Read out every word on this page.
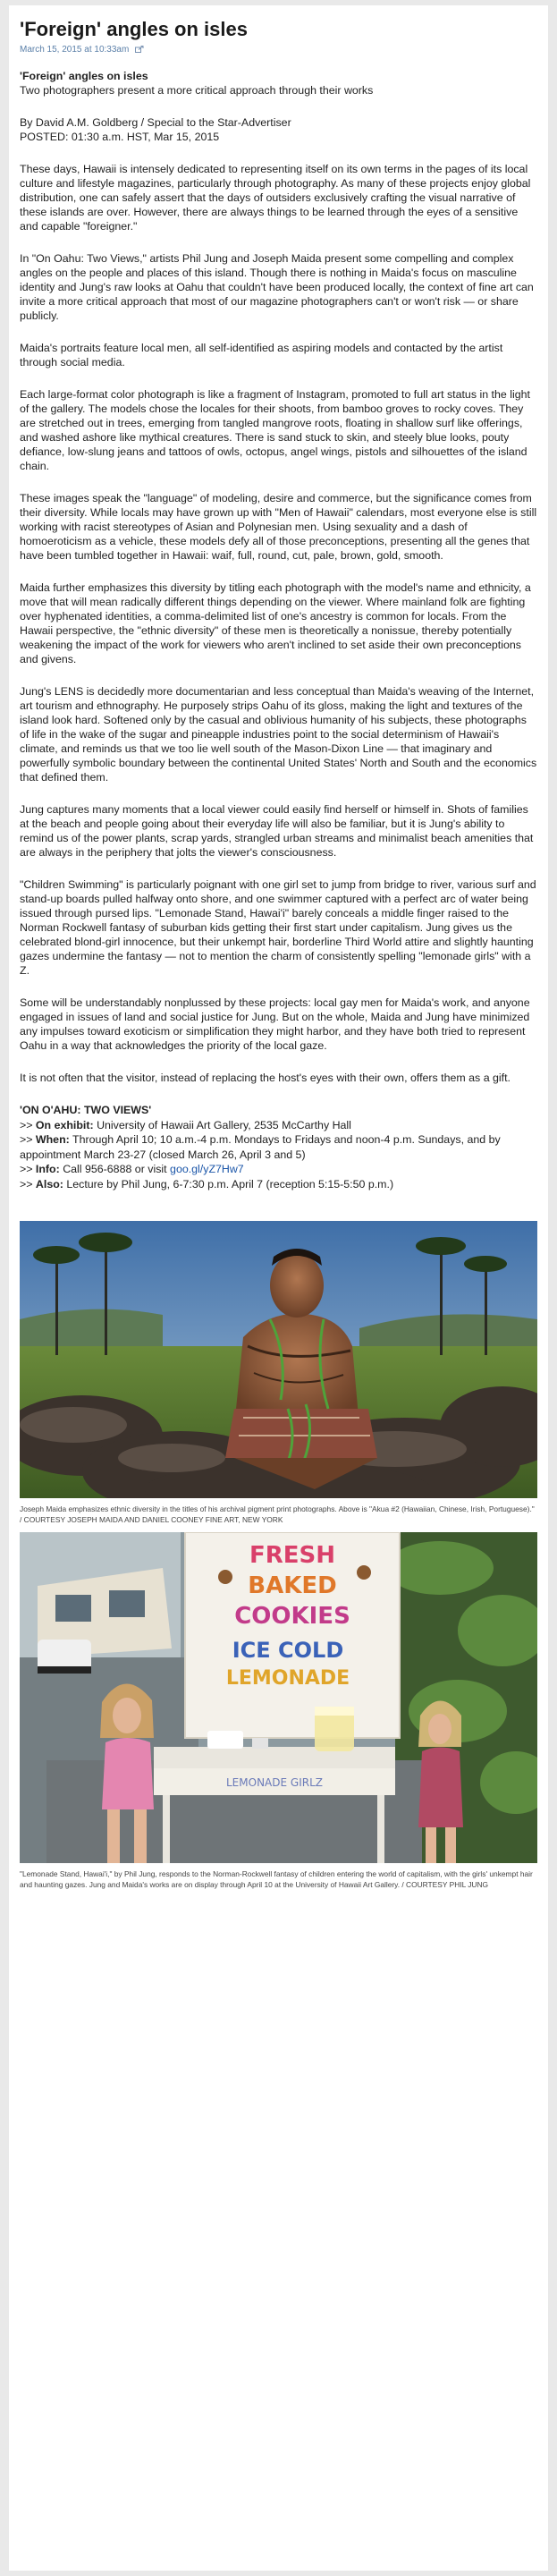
'Foreign' angles on isles
March 15, 2015 at 10:33am

'Foreign' angles on isles
Two photographers present a more critical approach through their works

By David A.M. Goldberg / Special to the Star-Advertiser
POSTED: 01:30 a.m. HST, Mar 15, 2015

These days, Hawaii is intensely dedicated to representing itself on its own terms in the pages of its local culture and lifestyle magazines, particularly through photography. As many of these projects enjoy global distribution, one can safely assert that the days of outsiders exclusively crafting the visual narrative of these islands are over. However, there are always things to be learned through the eyes of a sensitive and capable "foreigner."

In "On Oahu: Two Views," artists Phil Jung and Joseph Maida present some compelling and complex angles on the people and places of this island. Though there is nothing in Maida's focus on masculine identity and Jung's raw looks at Oahu that couldn't have been produced locally, the context of fine art can invite a more critical approach that most of our magazine photographers can't or won't risk — or share publicly.

Maida's portraits feature local men, all self-identified as aspiring models and contacted by the artist through social media.

Each large-format color photograph is like a fragment of Instagram, promoted to full art status in the light of the gallery. The models chose the locales for their shoots, from bamboo groves to rocky coves. They are stretched out in trees, emerging from tangled mangrove roots, floating in shallow surf like offerings, and washed ashore like mythical creatures. There is sand stuck to skin, and steely blue looks, pouty defiance, low-slung jeans and tattoos of owls, octopus, angel wings, pistols and silhouettes of the island chain.

These images speak the "language" of modeling, desire and commerce, but the significance comes from their diversity. While locals may have grown up with "Men of Hawaii" calendars, most everyone else is still working with racist stereotypes of Asian and Polynesian men. Using sexuality and a dash of homoeroticism as a vehicle, these models defy all of those preconceptions, presenting all the genes that have been tumbled together in Hawaii: waif, full, round, cut, pale, brown, gold, smooth.

Maida further emphasizes this diversity by titling each photograph with the model's name and ethnicity, a move that will mean radically different things depending on the viewer. Where mainland folk are fighting over hyphenated identities, a comma-delimited list of one's ancestry is common for locals. From the Hawaii perspective, the "ethnic diversity" of these men is theoretically a nonissue, thereby potentially weakening the impact of the work for viewers who aren't inclined to set aside their own preconceptions and givens.

Jung's LENS is decidedly more documentarian and less conceptual than Maida's weaving of the Internet, art tourism and ethnography. He purposely strips Oahu of its gloss, making the light and textures of the island look hard. Softened only by the casual and oblivious humanity of his subjects, these photographs of life in the wake of the sugar and pineapple industries point to the social determinism of Hawaii's climate, and reminds us that we too lie well south of the Mason-Dixon Line — that imaginary and powerfully symbolic boundary between the continental United States' North and South and the economics that defined them.

Jung captures many moments that a local viewer could easily find herself or himself in. Shots of families at the beach and people going about their everyday life will also be familiar, but it is Jung's ability to remind us of the power plants, scrap yards, strangled urban streams and minimalist beach amenities that are always in the periphery that jolts the viewer's consciousness.

"Children Swimming" is particularly poignant with one girl set to jump from bridge to river, various surf and stand-up boards pulled halfway onto shore, and one swimmer captured with a perfect arc of water being issued through pursed lips. "Lemonade Stand, Hawai'i" barely conceals a middle finger raised to the Norman Rockwell fantasy of suburban kids getting their first start under capitalism. Jung gives us the celebrated blond-girl innocence, but their unkempt hair, borderline Third World attire and slightly haunting gazes undermine the fantasy — not to mention the charm of consistently spelling "lemonade girls" with a Z.

Some will be understandably nonplussed by these projects: local gay men for Maida's work, and anyone engaged in issues of land and social justice for Jung. But on the whole, Maida and Jung have minimized any impulses toward exoticism or simplification they might harbor, and they have both tried to represent Oahu in a way that acknowledges the priority of the local gaze.

It is not often that the visitor, instead of replacing the host's eyes with their own, offers them as a gift.

'ON O'AHU: TWO VIEWS'
>> On exhibit: University of Hawaii Art Gallery, 2535 McCarthy Hall
>> When: Through April 10; 10 a.m.-4 p.m. Mondays to Fridays and noon-4 p.m. Sundays, and by appointment March 23-27 (closed March 26, April 3 and 5)
>> Info: Call 956-6888 or visit goo.gl/yZ7Hw7
>> Also: Lecture by Phil Jung, 6-7:30 p.m. April 7 (reception 5:15-5:50 p.m.)
Joseph Maida emphasizes ethnic diversity in the titles of his archival pigment print photographs. Above is "Akua #2 (Hawaiian, Chinese, Irish, Portuguese)." / COURTESY JOSEPH MAIDA AND DANIEL COONEY FINE ART, NEW YORK
FRESH
BAKED
COOKIES
ICE COLD
LEMONADE
LEMONADE GIRLZ
"Lemonade Stand, Hawai'i," by Phil Jung, responds to the Norman-Rockwell fantasy of children entering the world of capitalism, with the girls' unkempt hair and haunting gazes. Jung and Maida's works are on display through April 10 at the University of Hawaii Art Gallery. / COURTESY PHIL JUNG
